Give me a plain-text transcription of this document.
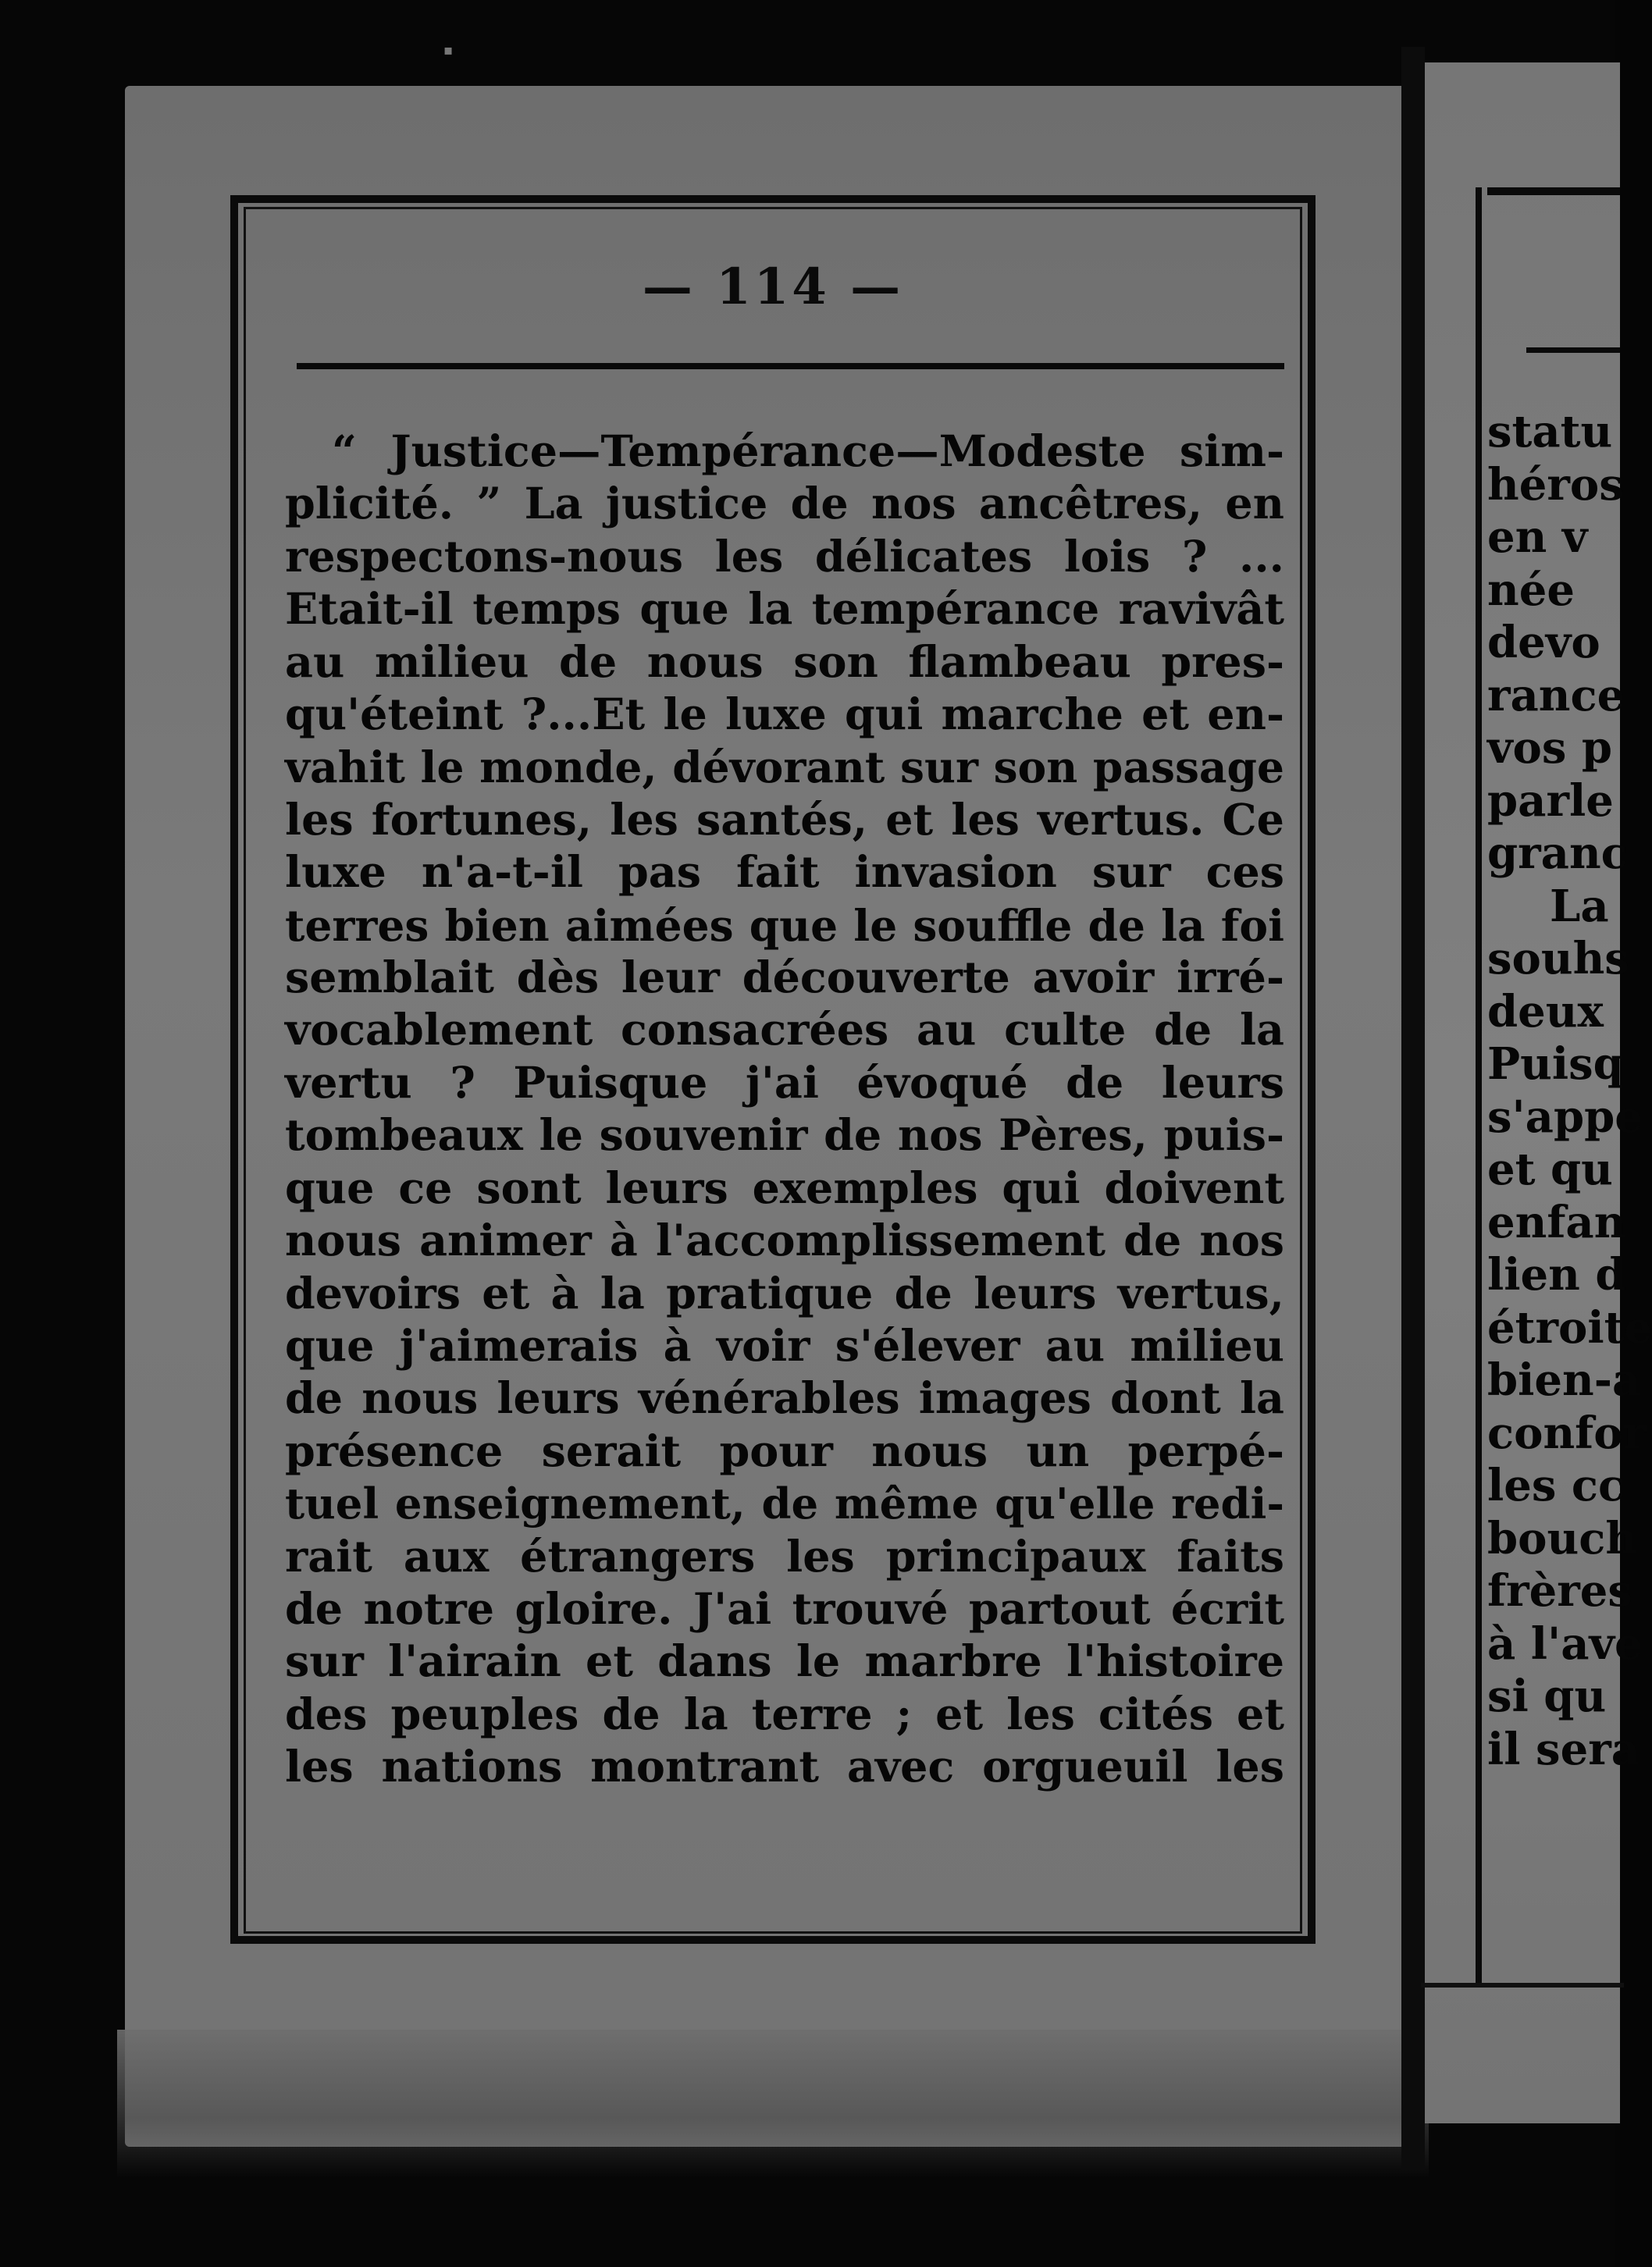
▪
— 114 —
“ Justice—Tempérance—Modeste sim-
plicité. ” La justice de nos ancêtres, en
respectons-nous les délicates lois ? ...
Etait-il temps que la tempérance ravivât
au milieu de nous son flambeau pres-
qu'éteint ?...Et le luxe qui marche et en-
vahit le monde, dévorant sur son passage
les fortunes, les santés, et les vertus. Ce
luxe n'a-t-il pas fait invasion sur ces
terres bien aimées que le souffle de la foi
semblait dès leur découverte avoir irré-
vocablement consacrées au culte de la
vertu ? Puisque j'ai évoqué de leurs
tombeaux le souvenir de nos Pères, puis-
que ce sont leurs exemples qui doivent
nous animer à l'accomplissement de nos
devoirs et à la pratique de leurs vertus,
que j'aimerais à voir s'élever au milieu
de nous leurs vénérables images dont la
présence serait pour nous un perpé-
tuel enseignement, de même qu'elle redi-
rait aux étrangers les principaux faits
de notre gloire. J'ai trouvé partout écrit
sur l'airain et dans le marbre l'histoire
des peuples de la terre ; et les cités et
les nations montrant avec orgueuil les
statu
héros
en v
née
devo
rance
vos p
parle
granc
La
souhs
deux
Puisq
s'appe
et qu
enfan
lien d
étroite
bien-a
confor
les cc
bouch
frères
à l'ave
si qu
il sera
